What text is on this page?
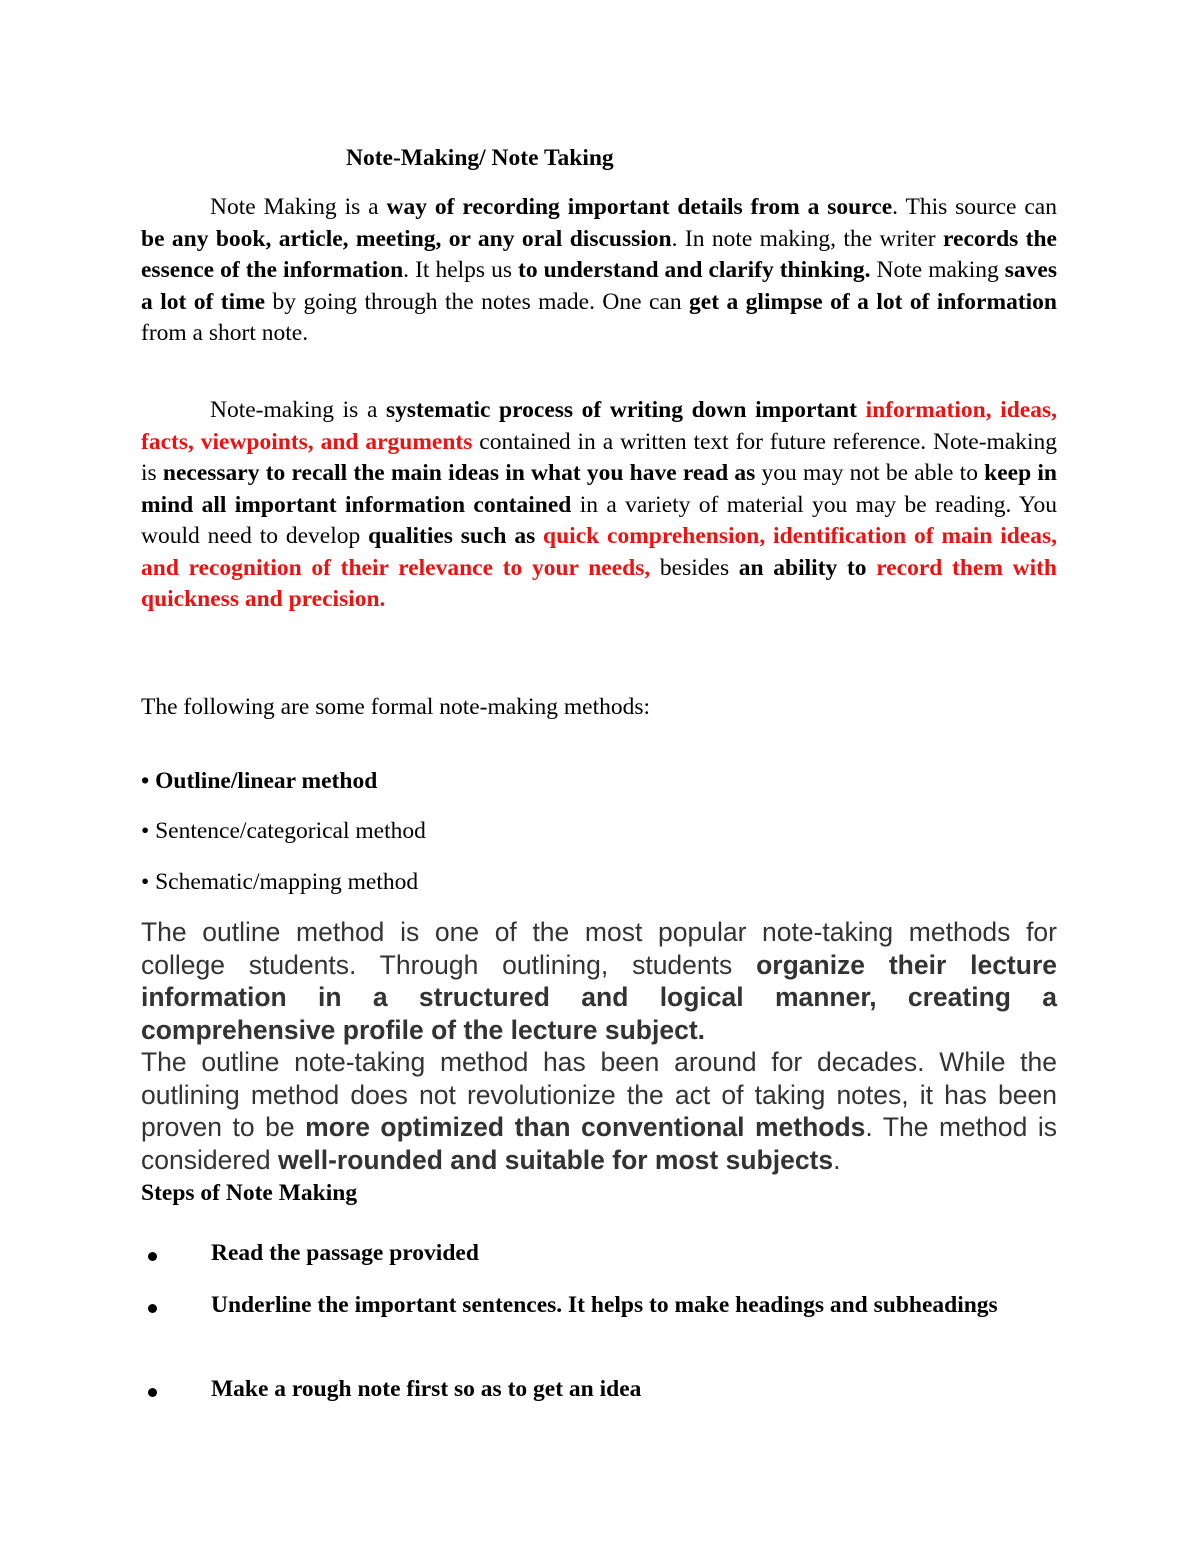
Note-Making/ Note Taking
Note Making is a way of recording important details from a source. This source can be any book, article, meeting, or any oral discussion. In note making, the writer records the essence of the information. It helps us to understand and clarify thinking. Note making saves a lot of time by going through the notes made. One can get a glimpse of a lot of information from a short note.
Note-making is a systematic process of writing down important information, ideas, facts, viewpoints, and arguments contained in a written text for future reference. Note-making is necessary to recall the main ideas in what you have read as you may not be able to keep in mind all important information contained in a variety of material you may be reading. You would need to develop qualities such as quick comprehension, identification of main ideas, and recognition of their relevance to your needs, besides an ability to record them with quickness and precision.
The following are some formal note-making methods:
• Outline/linear method
• Sentence/categorical method
• Schematic/mapping method
The outline method is one of the most popular note-taking methods for college students. Through outlining, students organize their lecture information in a structured and logical manner, creating a comprehensive profile of the lecture subject.
The outline note-taking method has been around for decades. While the outlining method does not revolutionize the act of taking notes, it has been proven to be more optimized than conventional methods. The method is considered well-rounded and suitable for most subjects.
Steps of Note Making
Read the passage provided
Underline the important sentences. It helps to make headings and subheadings
Make a rough note first so as to get an idea
